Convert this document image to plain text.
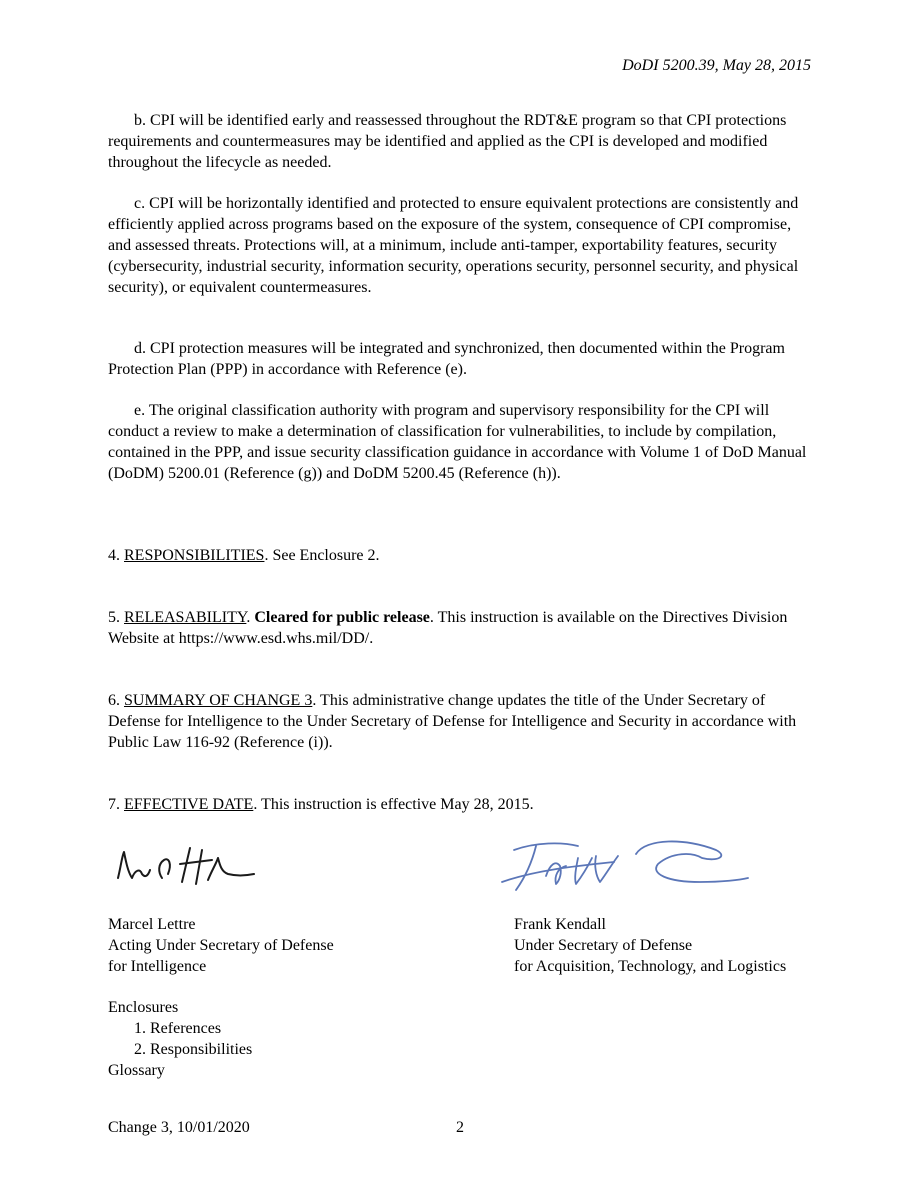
DoDI 5200.39, May 28, 2015

b. CPI will be identified early and reassessed throughout the RDT&E program so that CPI protections requirements and countermeasures may be identified and applied as the CPI is developed and modified throughout the lifecycle as needed.

c. CPI will be horizontally identified and protected to ensure equivalent protections are consistently and efficiently applied across programs based on the exposure of the system, consequence of CPI compromise, and assessed threats. Protections will, at a minimum, include anti-tamper, exportability features, security (cybersecurity, industrial security, information security, operations security, personnel security, and physical security), or equivalent countermeasures.

d. CPI protection measures will be integrated and synchronized, then documented within the Program Protection Plan (PPP) in accordance with Reference (e).

e. The original classification authority with program and supervisory responsibility for the CPI will conduct a review to make a determination of classification for vulnerabilities, to include by compilation, contained in the PPP, and issue security classification guidance in accordance with Volume 1 of DoD Manual (DoDM) 5200.01 (Reference (g)) and DoDM 5200.45 (Reference (h)).

4. RESPONSIBILITIES. See Enclosure 2.

5. RELEASABILITY. Cleared for public release. This instruction is available on the Directives Division Website at https://www.esd.whs.mil/DD/.

6. SUMMARY OF CHANGE 3. This administrative change updates the title of the Under Secretary of Defense for Intelligence to the Under Secretary of Defense for Intelligence and Security in accordance with Public Law 116-92 (Reference (i)).

7. EFFECTIVE DATE. This instruction is effective May 28, 2015.

Marcel Lettre
Acting Under Secretary of Defense
for Intelligence
Frank Kendall
Under Secretary of Defense
for Acquisition, Technology, and Logistics
Enclosures
1. References
2. Responsibilities
Glossary
Change 3, 10/01/2020	2
